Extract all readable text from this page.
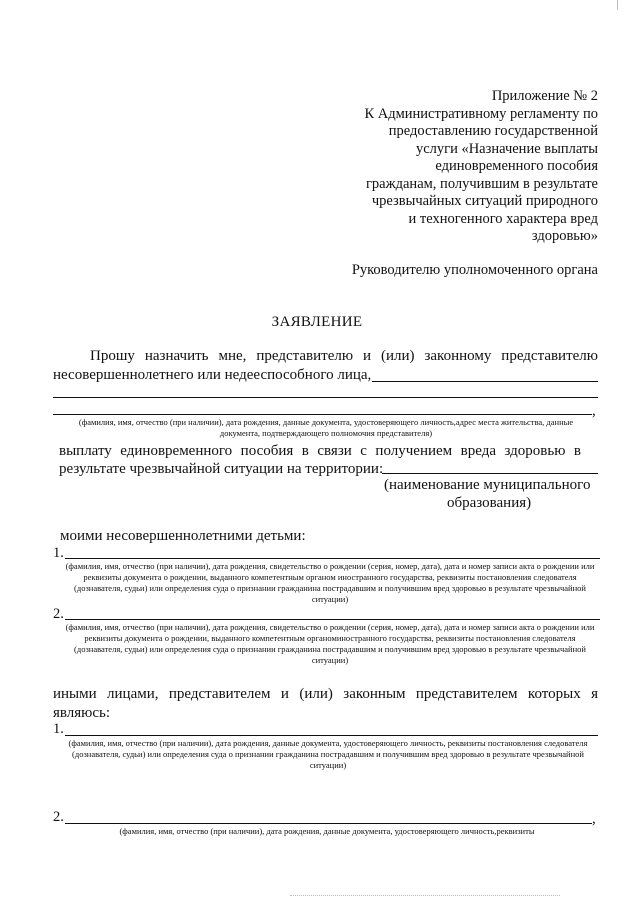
Приложение № 2
К Административному регламенту по
предоставлению государственной
услуги «Назначение выплаты
единовременного пособия
гражданам, получившим в результате
чрезвычайных ситуаций природного
и техногенного характера вред
здоровью»
Руководителю уполномоченного органа
ЗАЯВЛЕНИЕ
Прошу назначить мне, представителю и (или) законному представителю
несовершеннолетнего или недееспособного лица,
,
(фамилия, имя, отчество (при наличии), дата рождения, данные документа, удостоверяющего личность,адрес места жительства, данные документа, подтверждающего полномочия представителя)
выплату единовременного пособия в связи с получением вреда здоровью в
результате чрезвычайной ситуации на территории:
(наименование муниципального
образования)
моими несовершеннолетними детьми:
1.
(фамилия, имя, отчество (при наличии), дата рождения, свидетельство о рождении (серия, номер, дата), дата и номер записи акта о рождении или реквизиты документа о рождении, выданного компетентным органом иностранного государства, реквизиты постановления следователя (дознавателя, судьи) или определения суда о признании гражданина пострадавшим и получившим вред здоровью в результате чрезвычайной ситуации)
2.
(фамилия, имя, отчество (при наличии), дата рождения, свидетельство о рождении (серия, номер, дата), дата и номер записи акта о рождении или реквизиты документа о рождении, выданного компетентным органоминостранного государства, реквизиты постановления следователя (дознавателя, судьи) или определения суда о признании гражданина пострадавшим и получившим вред здоровью в результате чрезвычайной ситуации)
иными лицами, представителем и (или) законным представителем которых я
являюсь:
1.
(фамилия, имя, отчество (при наличии), дата рождения, данные документа, удостоверяющего личность, реквизиты постановления следователя (дознавателя, судьи) или определения суда о признании гражданина пострадавшим и получившим вред здоровью в результате чрезвычайной ситуации)
2.	,
(фамилия, имя, отчество (при наличии), дата рождения, данные документа, удостоверяющего личность,реквизиты
